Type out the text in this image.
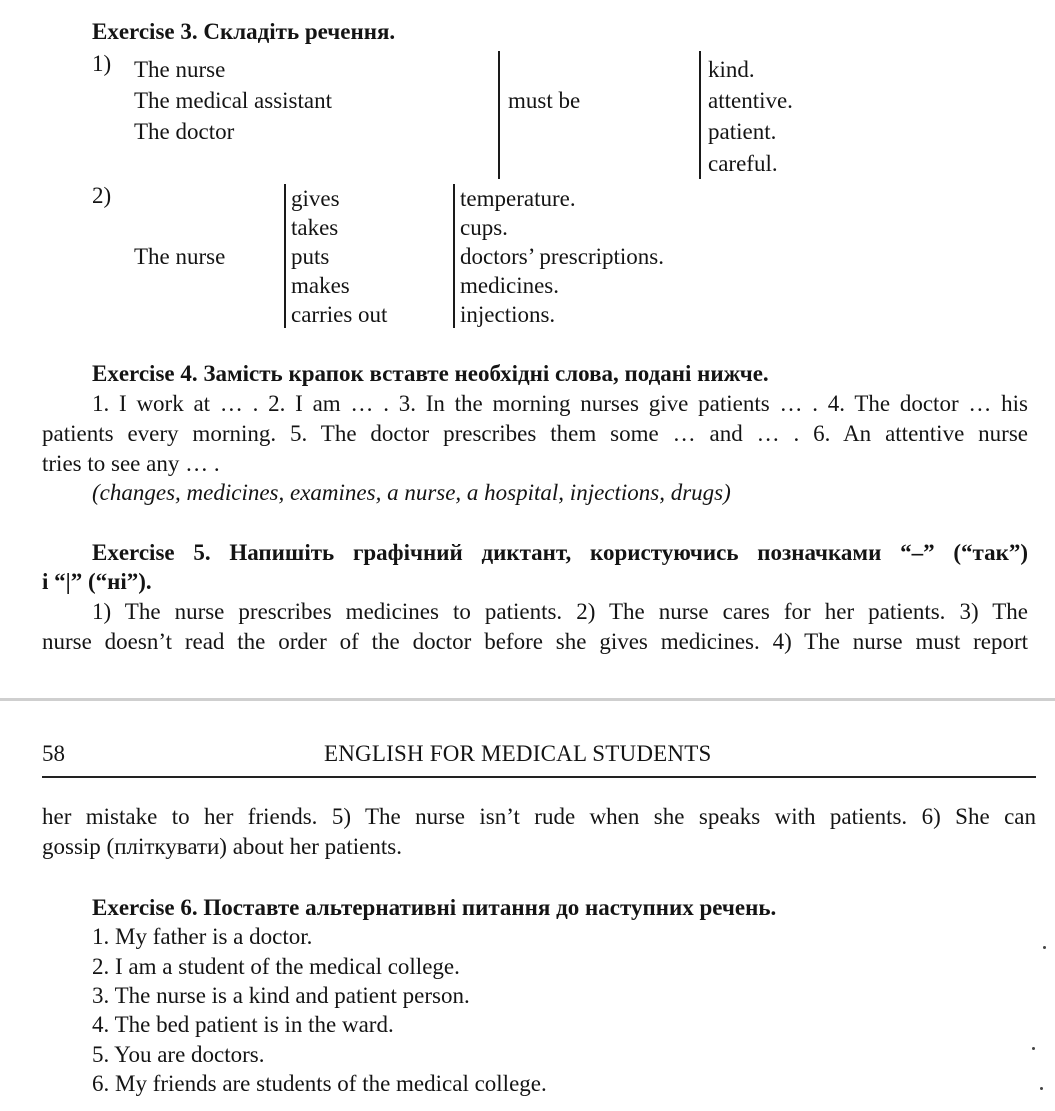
Exercise 3. Складіть речення.
1) The nurse
The medical assistant
The doctor
must be
kind.
attentive.
patient.
careful.
2)
The nurse
gives
takes
puts
makes
carries out
temperature.
cups.
doctors’ prescriptions.
medicines.
injections.
Exercise 4. Замість крапок вставте необхідні слова, подані нижче.
1. I work at … . 2. I am … . 3. In the morning nurses give patients … . 4. The doctor … his
patients every morning. 5. The doctor prescribes them some … and … . 6. An attentive nurse
tries to see any … .
(changes, medicines, examines, a nurse, a hospital, injections, drugs)
Exercise 5. Напишіть графічний диктант, користуючись позначками “–” (“так”)
і “|” (“ні”).
1) The nurse prescribes medicines to patients. 2) The nurse cares for her patients. 3) The
nurse doesn’t read the order of the doctor before she gives medicines. 4) The nurse must report
58	ENGLISH FOR MEDICAL STUDENTS
her mistake to her friends. 5) The nurse isn’t rude when she speaks with patients. 6) She can
gossip (пліткувати) about her patients.
Exercise 6. Поставте альтернативні питання до наступних речень.
1. My father is a doctor.
2. I am a student of the medical college.
3. The nurse is a kind and patient person.
4. The bed patient is in the ward.
5. You are doctors.
6. My friends are students of the medical college.
